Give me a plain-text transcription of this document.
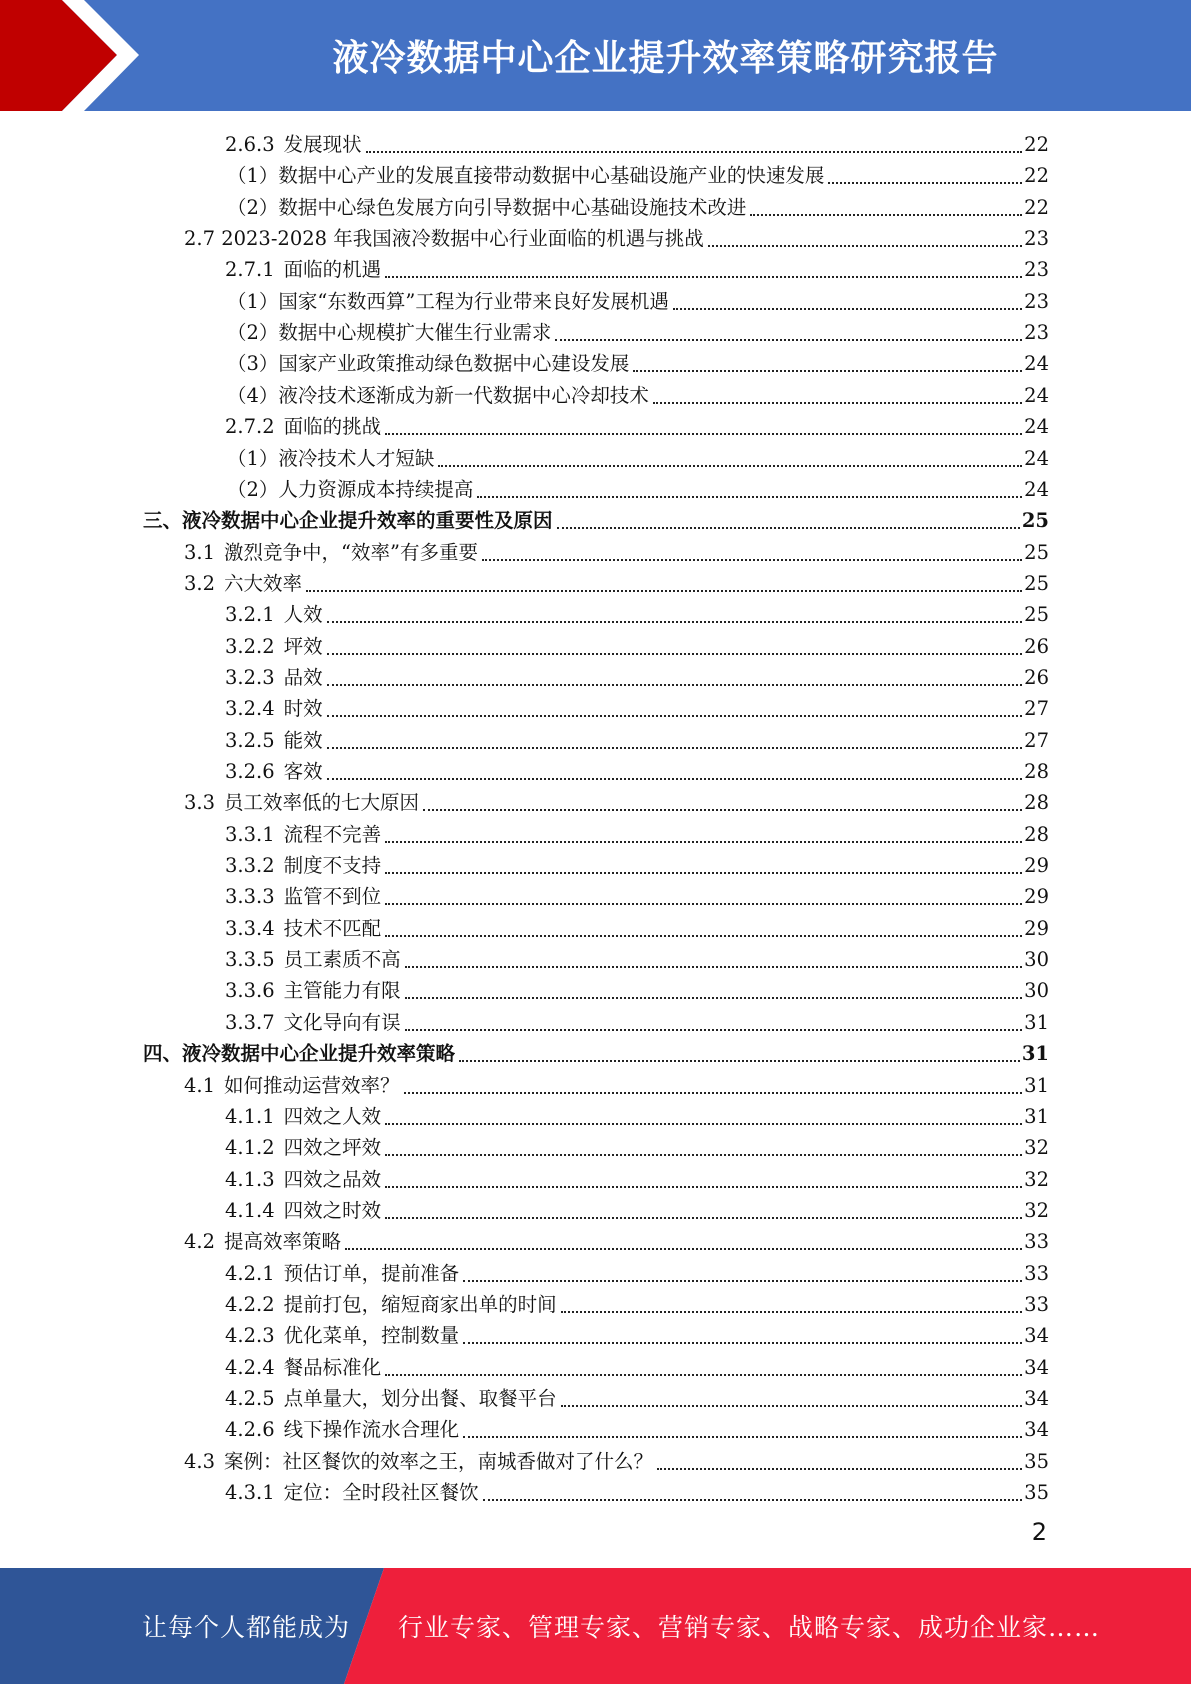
液冷数据中心企业提升效率策略研究报告
2.6.3 发展现状	22
（1）数据中心产业的发展直接带动数据中心基础设施产业的快速发展	22
（2）数据中心绿色发展方向引导数据中心基础设施技术改进	22
2.7 2023-2028 年我国液冷数据中心行业面临的机遇与挑战	23
2.7.1 面临的机遇	23
（1）国家“东数西算”工程为行业带来良好发展机遇	23
（2）数据中心规模扩大催生行业需求	23
（3）国家产业政策推动绿色数据中心建设发展	24
（4）液冷技术逐渐成为新一代数据中心冷却技术	24
2.7.2 面临的挑战	24
（1）液冷技术人才短缺	24
（2）人力资源成本持续提高	24
三、液冷数据中心企业提升效率的重要性及原因	25
3.1 激烈竞争中，“效率”有多重要	25
3.2 六大效率	25
3.2.1 人效	25
3.2.2 坪效	26
3.2.3 品效	26
3.2.4 时效	27
3.2.5 能效	27
3.2.6 客效	28
3.3 员工效率低的七大原因	28
3.3.1 流程不完善	28
3.3.2 制度不支持	29
3.3.3 监管不到位	29
3.3.4 技术不匹配	29
3.3.5 员工素质不高	30
3.3.6 主管能力有限	30
3.3.7 文化导向有误	31
四、液冷数据中心企业提升效率策略	31
4.1 如何推动运营效率？	31
4.1.1 四效之人效	31
4.1.2 四效之坪效	32
4.1.3 四效之品效	32
4.1.4 四效之时效	32
4.2 提高效率策略	33
4.2.1 预估订单，提前准备	33
4.2.2 提前打包，缩短商家出单的时间	33
4.2.3 优化菜单，控制数量	34
4.2.4 餐品标准化	34
4.2.5 点单量大，划分出餐、取餐平台	34
4.2.6 线下操作流水合理化	34
4.3 案例：社区餐饮的效率之王，南城香做对了什么？	35
4.3.1 定位：全时段社区餐饮	35
2
让每个人都能成为 行业专家、管理专家、营销专家、战略专家、成功企业家……
